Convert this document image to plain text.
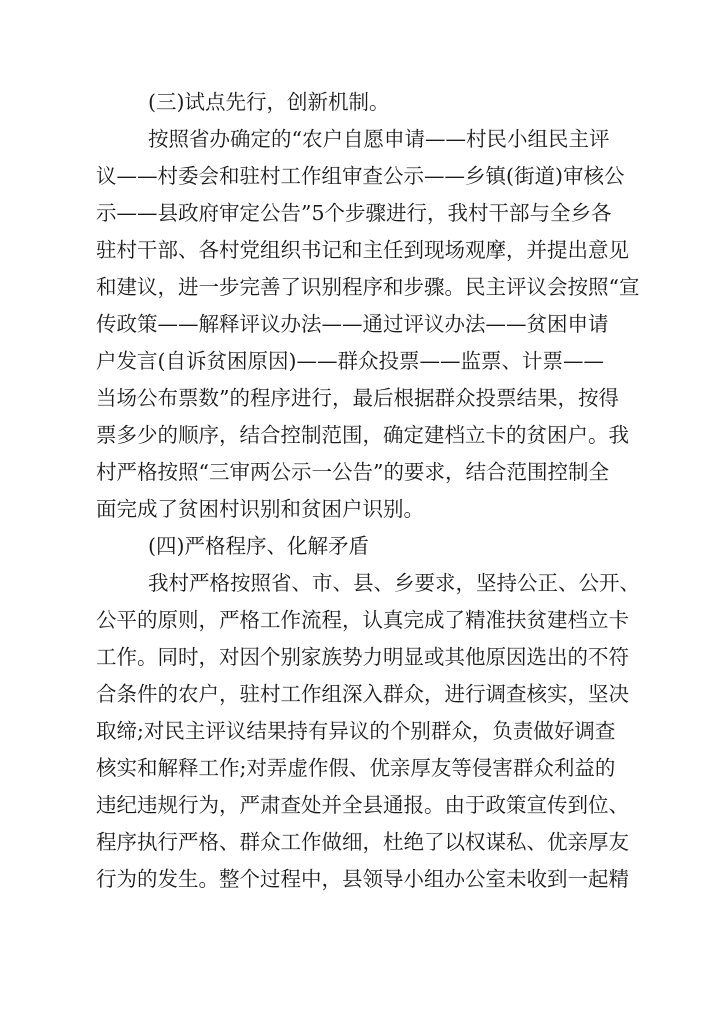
(三)试点先行，创新机制。
按照省办确定的“农户自愿申请——村民小组民主评
议——村委会和驻村工作组审查公示——乡镇(街道)审核公
示——县政府审定公告”5个步骤进行，我村干部与全乡各
驻村干部、各村党组织书记和主任到现场观摩，并提出意见
和建议，进一步完善了识别程序和步骤。民主评议会按照“宣
传政策——解释评议办法——通过评议办法——贫困申请
户发言(自诉贫困原因)——群众投票——监票、计票——
当场公布票数”的程序进行，最后根据群众投票结果，按得
票多少的顺序，结合控制范围，确定建档立卡的贫困户。我
村严格按照“三审两公示一公告”的要求，结合范围控制全
面完成了贫困村识别和贫困户识别。
(四)严格程序、化解矛盾
我村严格按照省、市、县、乡要求，坚持公正、公开、
公平的原则，严格工作流程，认真完成了精准扶贫建档立卡
工作。同时，对因个别家族势力明显或其他原因选出的不符
合条件的农户，驻村工作组深入群众，进行调查核实，坚决
取缔;对民主评议结果持有异议的个别群众，负责做好调查
核实和解释工作;对弄虚作假、优亲厚友等侵害群众利益的
违纪违规行为，严肃查处并全县通报。由于政策宣传到位、
程序执行严格、群众工作做细，杜绝了以权谋私、优亲厚友
行为的发生。整个过程中，县领导小组办公室未收到一起精
